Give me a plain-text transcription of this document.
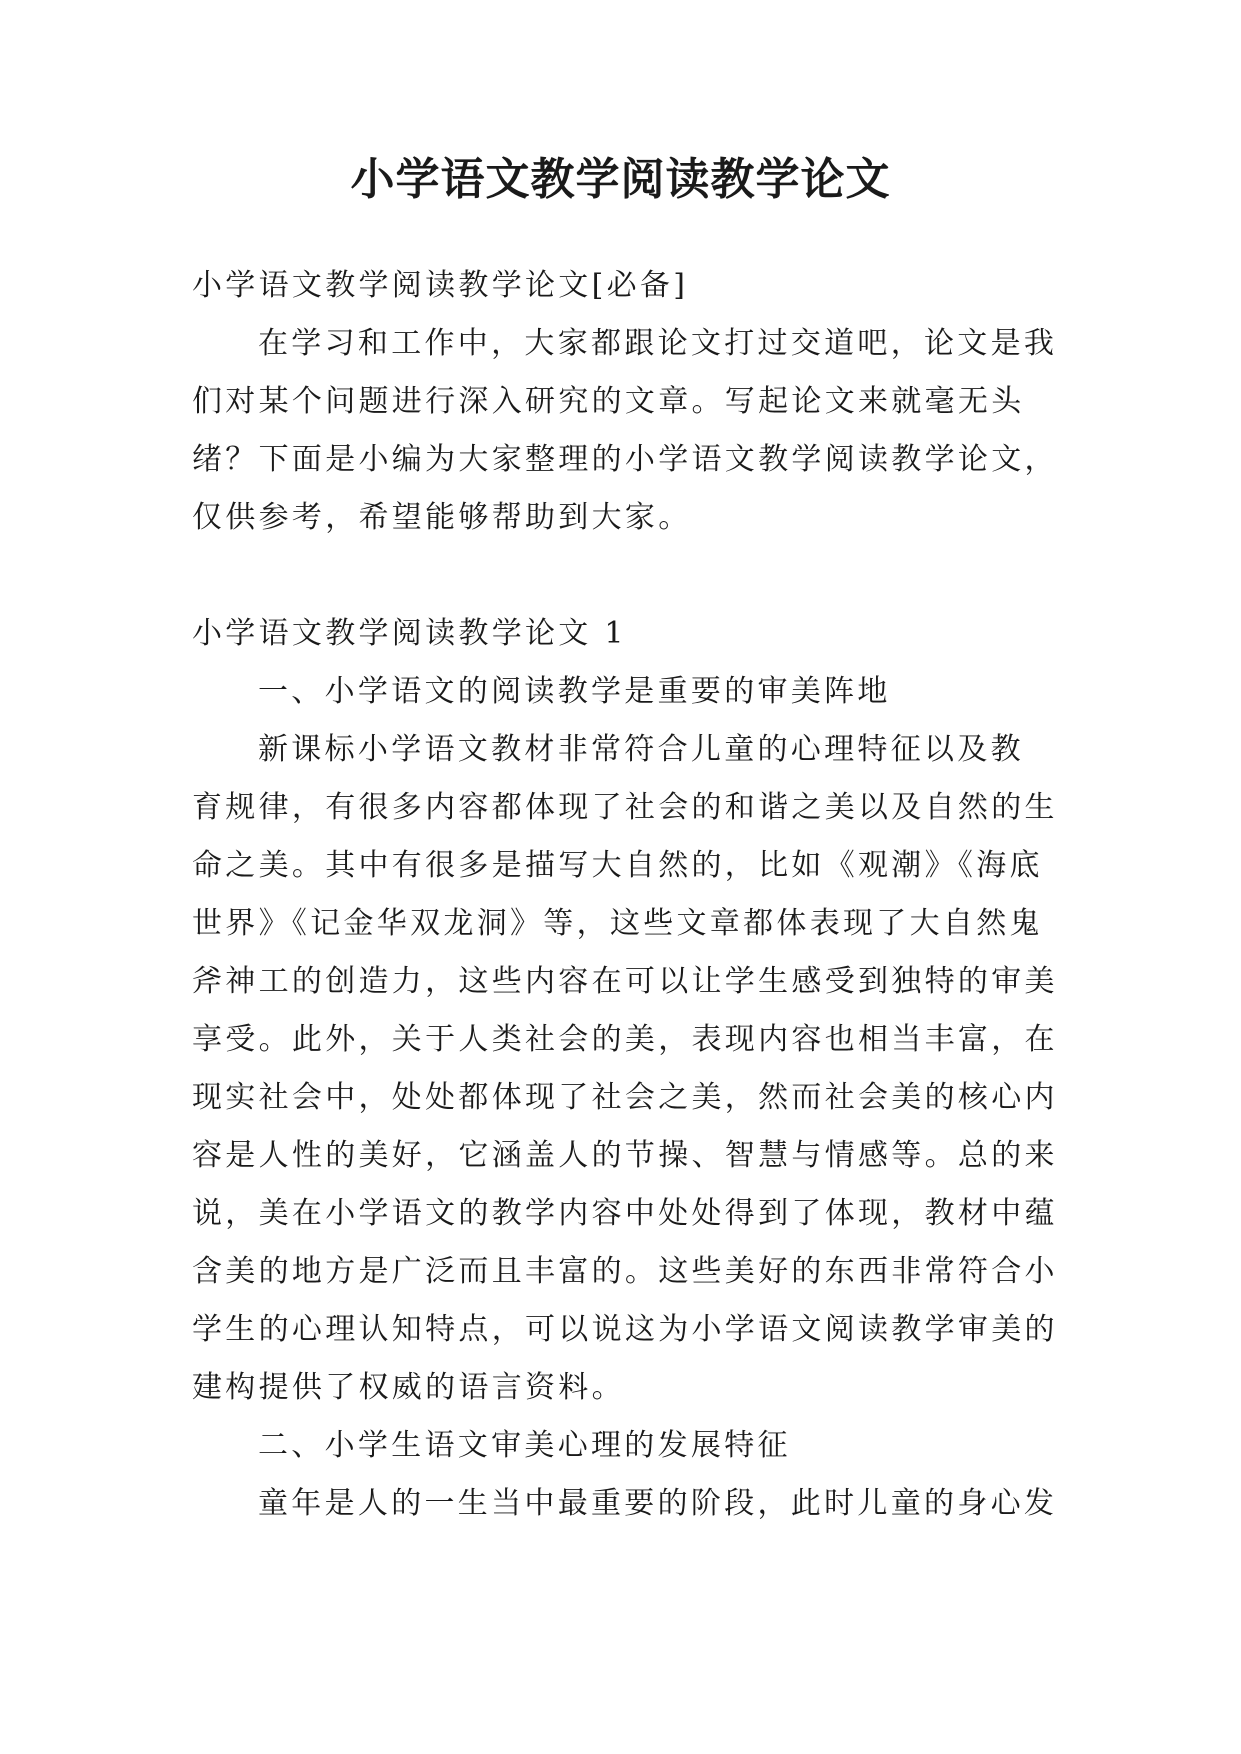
小学语文教学阅读教学论文

小学语文教学阅读教学论文[必备]

在学习和工作中，大家都跟论文打过交道吧，论文是我

们对某个问题进行深入研究的文章。写起论文来就毫无头

绪？下面是小编为大家整理的小学语文教学阅读教学论文，

仅供参考，希望能够帮助到大家。

小学语文教学阅读教学论文 1

一、小学语文的阅读教学是重要的审美阵地

新课标小学语文教材非常符合儿童的心理特征以及教

育规律，有很多内容都体现了社会的和谐之美以及自然的生

命之美。其中有很多是描写大自然的，比如《观潮》《海底

世界》《记金华双龙洞》等，这些文章都体表现了大自然鬼

斧神工的创造力，这些内容在可以让学生感受到独特的审美

享受。此外，关于人类社会的美，表现内容也相当丰富，在

现实社会中，处处都体现了社会之美，然而社会美的核心内

容是人性的美好，它涵盖人的节操、智慧与情感等。总的来

说，美在小学语文的教学内容中处处得到了体现，教材中蕴

含美的地方是广泛而且丰富的。这些美好的东西非常符合小

学生的心理认知特点，可以说这为小学语文阅读教学审美的

建构提供了权威的语言资料。

二、小学生语文审美心理的发展特征

童年是人的一生当中最重要的阶段，此时儿童的身心发
